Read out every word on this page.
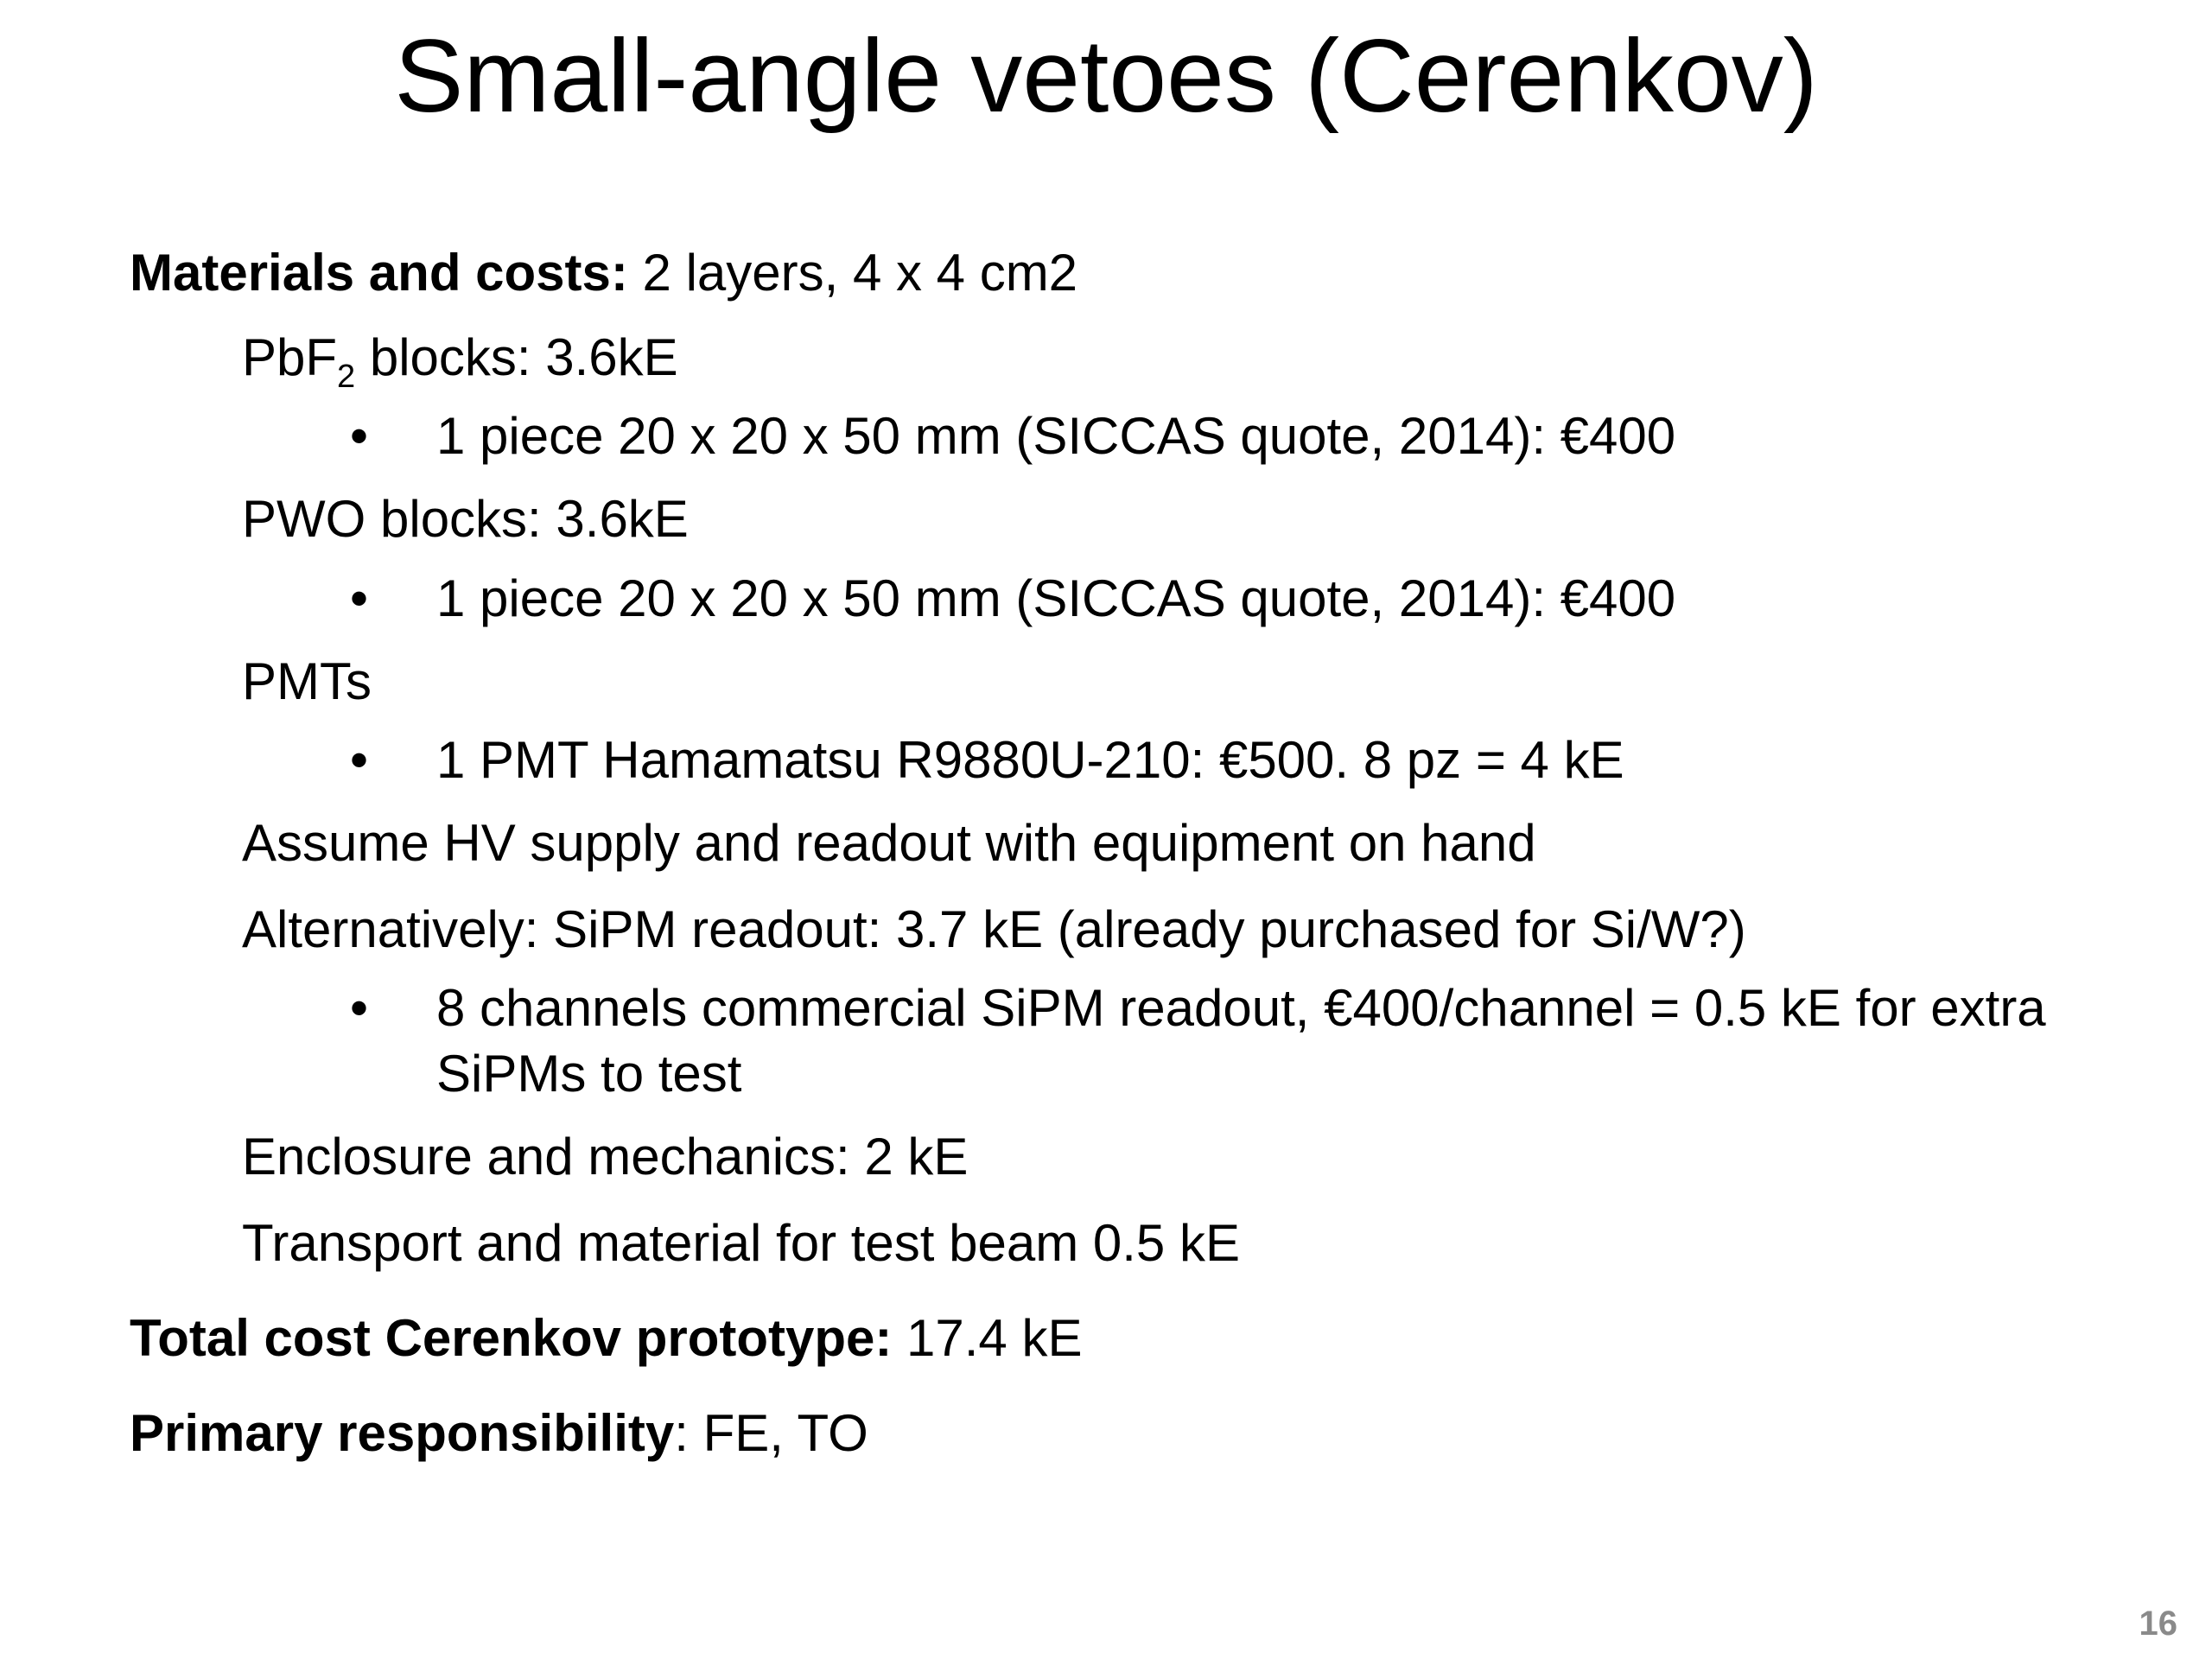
Small-angle vetoes (Cerenkov)
Materials and costs: 2 layers, 4 x 4 cm2
PbF$_2$ blocks: 3.6kE
•	1 piece 20 x 20 x 50 mm (SICCAS quote, 2014): €400
PWO blocks: 3.6kE
•	1 piece 20 x 20 x 50 mm (SICCAS quote, 2014): €400
PMTs
•	1 PMT Hamamatsu R9880U-210: €500. 8 pz = 4 kE
Assume HV supply and readout with equipment on hand
Alternatively: SiPM readout: 3.7 kE (already purchased for Si/W?)
•	8 channels commercial SiPM readout, €400/channel = 0.5 kE for extra SiPMs to test
Enclosure and mechanics: 2 kE
Transport and material for test beam 0.5 kE
Total cost Cerenkov prototype: 17.4 kE
Primary responsibility: FE, TO
16
